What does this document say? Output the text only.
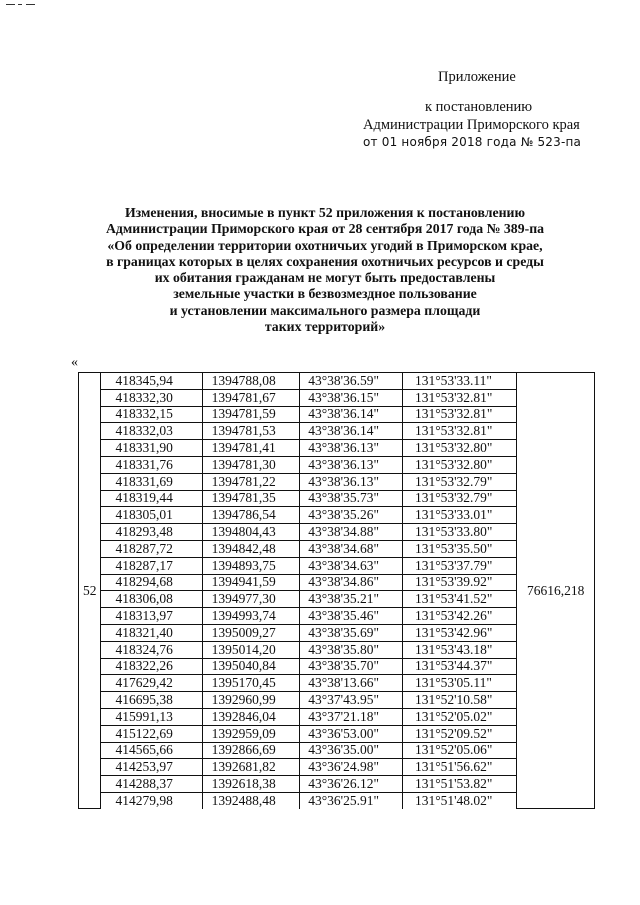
Приложение
к постановлению
Администрации Приморского края
от 01 ноября 2018 года № 523-па
Изменения, вносимые в пункт 52 приложения к постановлению
Администрации Приморского края от 28 сентября 2017 года № 389-па
«Об определении территории охотничьих угодий в Приморском крае,
в границах которых в целях сохранения охотничьих ресурсов и среды
их обитания гражданам не могут быть предоставлены
земельные участки в безвозмездное пользование
и установлении максимального размера площади
таких территорий»
«
52	418345,94	1394788,08	43°38'36.59"	131°53'33.11"	76616,218
	418332,30	1394781,67	43°38'36.15"	131°53'32.81"	
	418332,15	1394781,59	43°38'36.14"	131°53'32.81"	
	418332,03	1394781,53	43°38'36.14"	131°53'32.81"	
	418331,90	1394781,41	43°38'36.13"	131°53'32.80"	
	418331,76	1394781,30	43°38'36.13"	131°53'32.80"	
	418331,69	1394781,22	43°38'36.13"	131°53'32.79"	
	418319,44	1394781,35	43°38'35.73"	131°53'32.79"	
	418305,01	1394786,54	43°38'35.26"	131°53'33.01"	
	418293,48	1394804,43	43°38'34.88"	131°53'33.80"	
	418287,72	1394842,48	43°38'34.68"	131°53'35.50"	
	418287,17	1394893,75	43°38'34.63"	131°53'37.79"	
	418294,68	1394941,59	43°38'34.86"	131°53'39.92"	
	418306,08	1394977,30	43°38'35.21"	131°53'41.52"	
	418313,97	1394993,74	43°38'35.46"	131°53'42.26"	
	418321,40	1395009,27	43°38'35.69"	131°53'42.96"	
	418324,76	1395014,20	43°38'35.80"	131°53'43.18"	
	418322,26	1395040,84	43°38'35.70"	131°53'44.37"	
	417629,42	1395170,45	43°38'13.66"	131°53'05.11"	
	416695,38	1392960,99	43°37'43.95"	131°52'10.58"	
	415991,13	1392846,04	43°37'21.18"	131°52'05.02"	
	415122,69	1392959,09	43°36'53.00"	131°52'09.52"	
	414565,66	1392866,69	43°36'35.00"	131°52'05.06"	
	414253,97	1392681,82	43°36'24.98"	131°51'56.62"	
	414288,37	1392618,38	43°36'26.12"	131°51'53.82"	
	414279,98	1392488,48	43°36'25.91"	131°51'48.02"	
